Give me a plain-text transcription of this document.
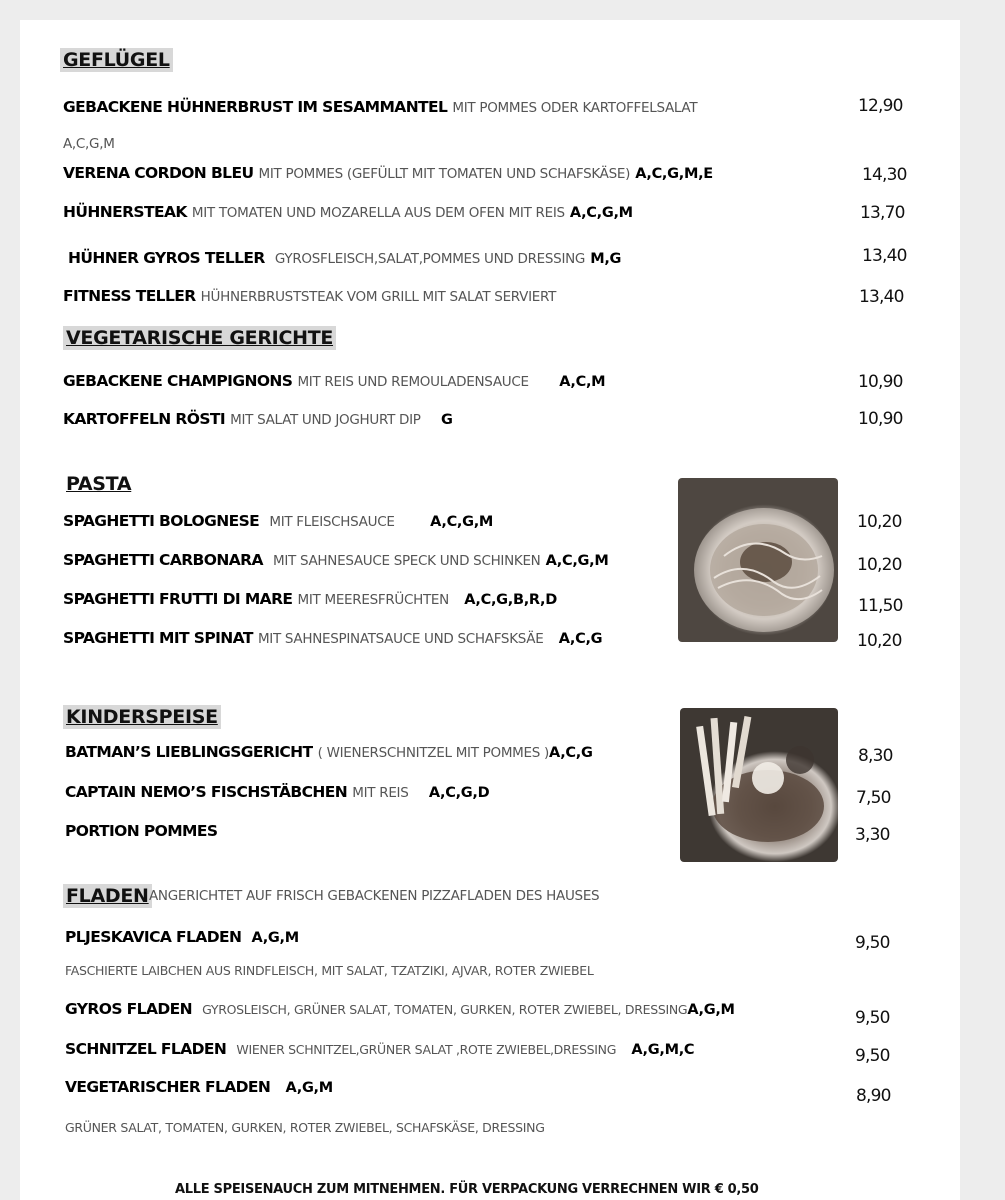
GEFLÜGEL
VEGETARISCHE GERICHTE
PASTA
KINDERSPEISE
FLADEN ANGERICHTET AUF FRISCH GEBACKENEN PIZZAFLADEN DES HAUSES
GEBACKENE HÜHNERBRUST IM SESAMMANTEL MIT POMMES ODER KARTOFFELSALAT
A,C,G,M
VERENA CORDON BLEU MIT POMMES (GEFÜLLT MIT TOMATEN UND SCHAFSKÄSE) A,C,G,M,E
HÜHNERSTEAK MIT TOMATEN UND MOZARELLA AUS DEM OFEN MIT REIS A,C,G,M
HÜHNER GYROS TELLER GYROSFLEISCH,SALAT,POMMES UND DRESSING M,G
FITNESS TELLER HÜHNERBRUSTSTEAK VOM GRILL MIT SALAT SERVIERT
GEBACKENE CHAMPIGNONS MIT REIS UND REMOULADENSAUCE A,C,M
KARTOFFELN RÖSTI MIT SALAT UND JOGHURT DIP G
SPAGHETTI BOLOGNESE MIT FLEISCHSAUCE A,C,G,M
SPAGHETTI CARBONARA MIT SAHNESAUCE SPECK UND SCHINKEN A,C,G,M
SPAGHETTI FRUTTI DI MARE MIT MEERESFRÜCHTEN A,C,G,B,R,D
SPAGHETTI MIT SPINAT MIT SAHNESPINATSAUCE UND SCHAFSKSÄE A,C,G
BATMAN’S LIEBLINGSGERICHT ( WIENERSCHNITZEL MIT POMMES )A,C,G
CAPTAIN NEMO’S FISCHSTÄBCHEN MIT REIS A,C,G,D
PORTION POMMES
PLJESKAVICA FLADEN A,G,M
FASCHIERTE LAIBCHEN AUS RINDFLEISCH, MIT SALAT, TZATZIKI, AJVAR, ROTER ZWIEBEL
GYROS FLADEN GYROSLEISCH, GRÜNER SALAT, TOMATEN, GURKEN, ROTER ZWIEBEL, DRESSINGA,G,M
SCHNITZEL FLADEN WIENER SCHNITZEL,GRÜNER SALAT ,ROTE ZWIEBEL,DRESSING A,G,M,C
VEGETARISCHER FLADEN A,G,M
GRÜNER SALAT, TOMATEN, GURKEN, ROTER ZWIEBEL, SCHAFSKÄSE, DRESSING
12,90
14,30
13,70
13,40
13,40
10,90
10,90
10,20
10,20
11,50
10,20
8,30
7,50
3,30
9,50
9,50
9,50
8,90
ALLE SPEISENAUCH ZUM MITNEHMEN. FÜR VERPACKUNG VERRECHNEN WIR € 0,50
